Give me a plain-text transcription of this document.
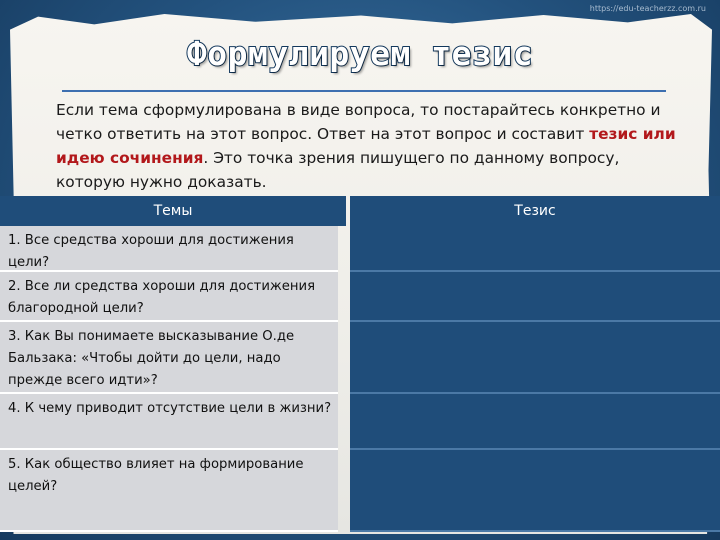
https://edu-teacherzz.com.ru
Формулируем тезис
Если тема сформулирована в виде вопроса, то постарайтесь конкретно и четко ответить на этот вопрос. Ответ на этот вопрос и составит тезис или идею сочинения. Это точка зрения пишущего по данному вопросу, которую нужно доказать.
Темы	Тезис
1. Все средства хороши для достижения цели?
2. Все ли средства хороши для достижения благородной цели?
3. Как Вы понимаете высказывание О.де Бальзака: «Чтобы дойти до цели, надо прежде всего идти»?
4. К чему приводит отсутствие цели в жизни?
5. Как общество влияет на формирование целей?
